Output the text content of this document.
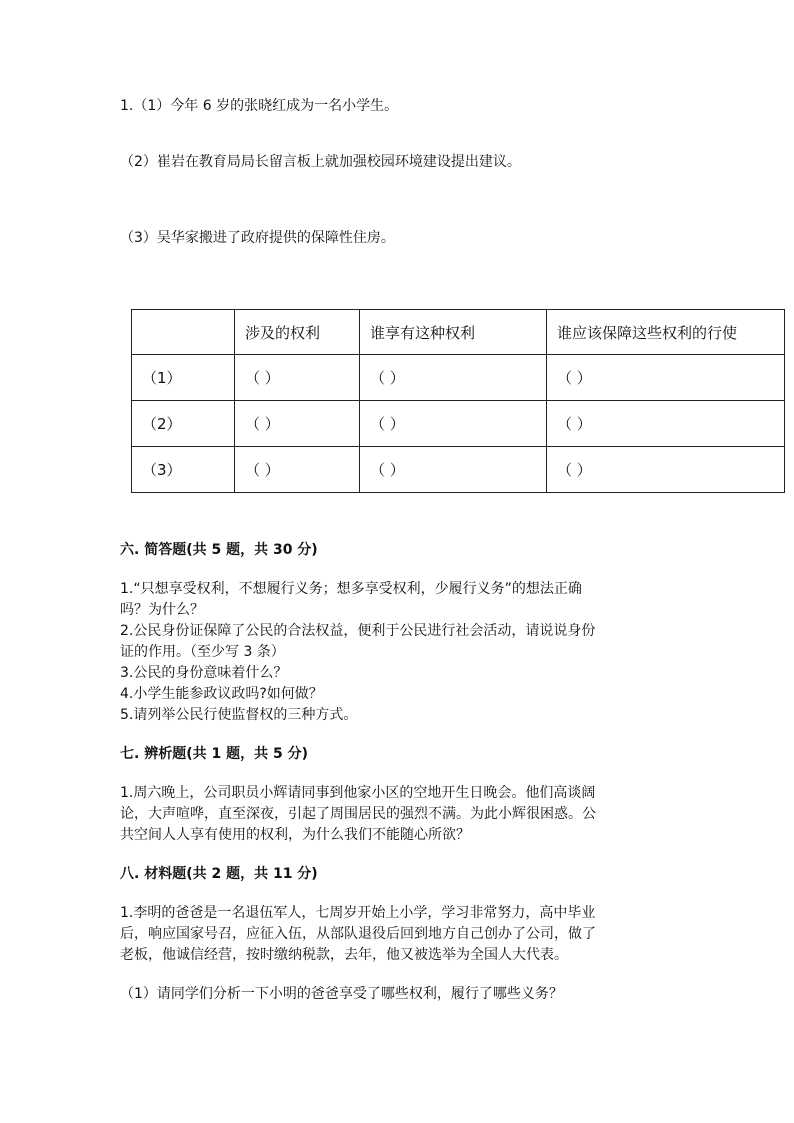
1.（1）今年 6 岁的张晓红成为一名小学生。
（2）崔岩在教育局局长留言板上就加强校园环境建设提出建议。
（3）吴华家搬进了政府提供的保障性住房。
	涉及的权利	谁享有这种权利	谁应该保障这些权利的行使
（1）	（ ）	（ ）	（ ）
（2）	（ ）	（ ）	（ ）
（3）	（ ）	（ ）	（ ）
六. 简答题(共 5 题，共 30 分)
1.“只想享受权利，不想履行义务；想多享受权利，少履行义务”的想法正确
吗？为什么？
2.公民身份证保障了公民的合法权益，便利于公民进行社会活动，请说说身份
证的作用。（至少写 3 条）
3.公民的身份意味着什么？
4.小学生能参政议政吗?如何做？
5.请列举公民行使监督权的三种方式。
七. 辨析题(共 1 题，共 5 分)
1.周六晚上，公司职员小辉请同事到他家小区的空地开生日晚会。他们高谈阔
论，大声喧哗，直至深夜，引起了周围居民的强烈不满。为此小辉很困惑。公
共空间人人享有使用的权利，为什么我们不能随心所欲？
八. 材料题(共 2 题，共 11 分)
1.李明的爸爸是一名退伍军人，七周岁开始上小学，学习非常努力，高中毕业
后，响应国家号召，应征入伍，从部队退役后回到地方自己创办了公司，做了
老板，他诚信经营，按时缴纳税款，去年，他又被选举为全国人大代表。
（1）请同学们分析一下小明的爸爸享受了哪些权利，履行了哪些义务？
